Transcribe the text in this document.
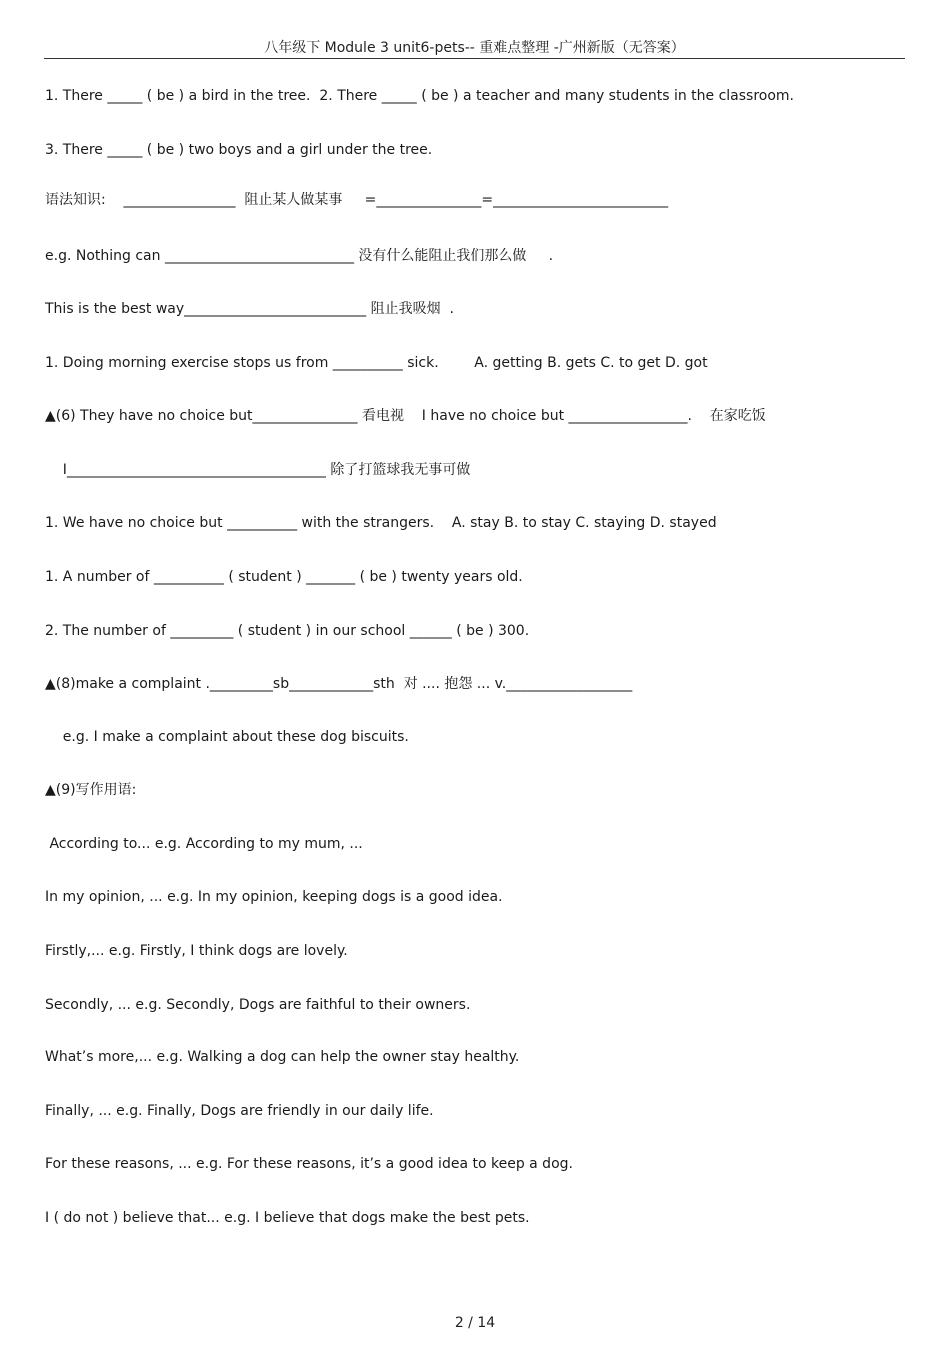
八年级下 Module 3 unit6-pets-- 重难点整理 -广州新版（无答案）
1. There _____ ( be ) a bird in the tree.  2. There _____ ( be ) a teacher and many students in the classroom.
3. There _____ ( be ) two boys and a girl under the tree.
语法知识:    ________________  阻止某人做某事     =_______________=_________________________
e.g. Nothing can ___________________________ 没有什么能阻止我们那么做     .
This is the best way__________________________ 阻止我吸烟  .
1. Doing morning exercise stops us from __________ sick.        A. getting B. gets C. to get D. got
▲(6) They have no choice but_______________ 看电视    I have no choice but _________________.    在家吃饭
I_____________________________________ 除了打篮球我无事可做
1. We have no choice but __________ with the strangers.    A. stay B. to stay C. staying D. stayed
1. A number of __________ ( student ) _______ ( be ) twenty years old.
2. The number of _________ ( student ) in our school ______ ( be ) 300.
▲(8)make a complaint ._________sb____________sth  对 .... 抱怨 ... v.__________________
e.g. I make a complaint about these dog biscuits.
▲(9)写作用语:
According to... e.g. According to my mum, ...
In my opinion, ... e.g. In my opinion, keeping dogs is a good idea.
Firstly,... e.g. Firstly, I think dogs are lovely.
Secondly, ... e.g. Secondly, Dogs are faithful to their owners.
What’s more,... e.g. Walking a dog can help the owner stay healthy.
Finally, ... e.g. Finally, Dogs are friendly in our daily life.
For these reasons, ... e.g. For these reasons, it’s a good idea to keep a dog.
I ( do not ) believe that... e.g. I believe that dogs make the best pets.
2 / 14
